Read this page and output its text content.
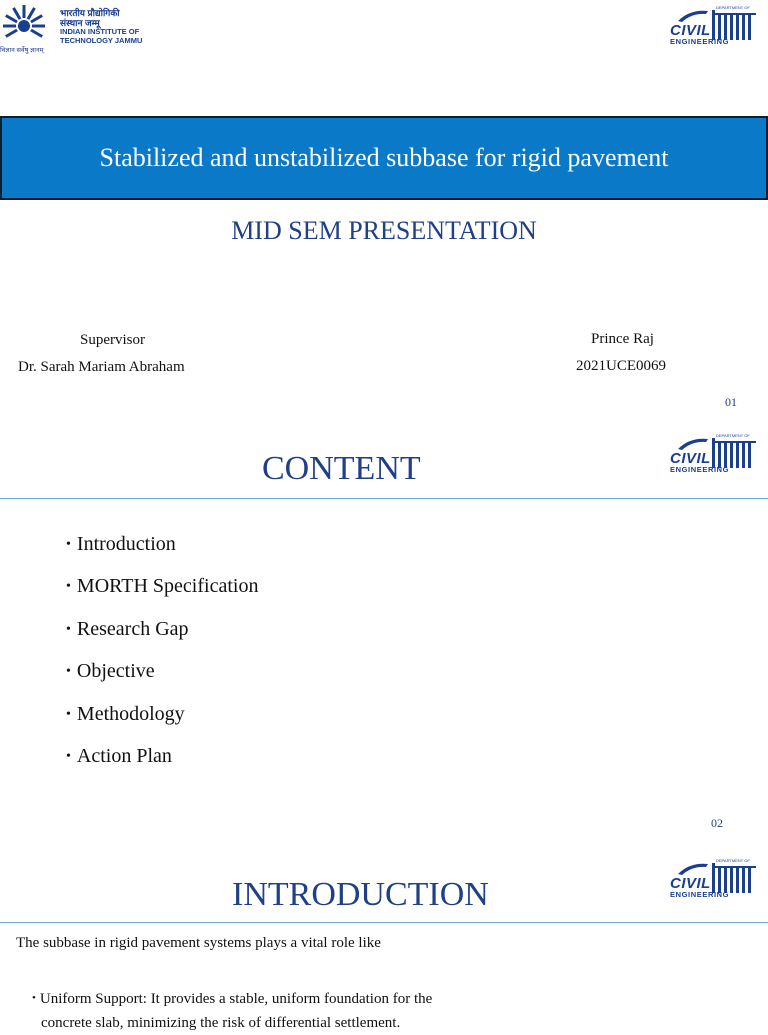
भारतीय प्रौद्योगिकी
संस्थान जम्मू
INDIAN INSTITUTE OF
TECHNOLOGY JAMMU
विज्ञान सर्वेषु ज्ञानम्
DEPARTMENT OF
CIVIL
ENGINEERING
Stabilized and unstabilized subbase for rigid pavement
MID SEM PRESENTATION
Supervisor
Dr. Sarah Mariam Abraham
Prince Raj
2021UCE0069
01
DEPARTMENT OF
CIVIL
ENGINEERING
CONTENT
• Introduction
• MORTH Specification
• Research Gap
• Objective
• Methodology
• Action Plan
02
DEPARTMENT OF
CIVIL
ENGINEERING
INTRODUCTION
The subbase in rigid pavement systems plays a vital role like
• Uniform Support: It provides a stable, uniform foundation for the
concrete slab, minimizing the risk of differential settlement.
